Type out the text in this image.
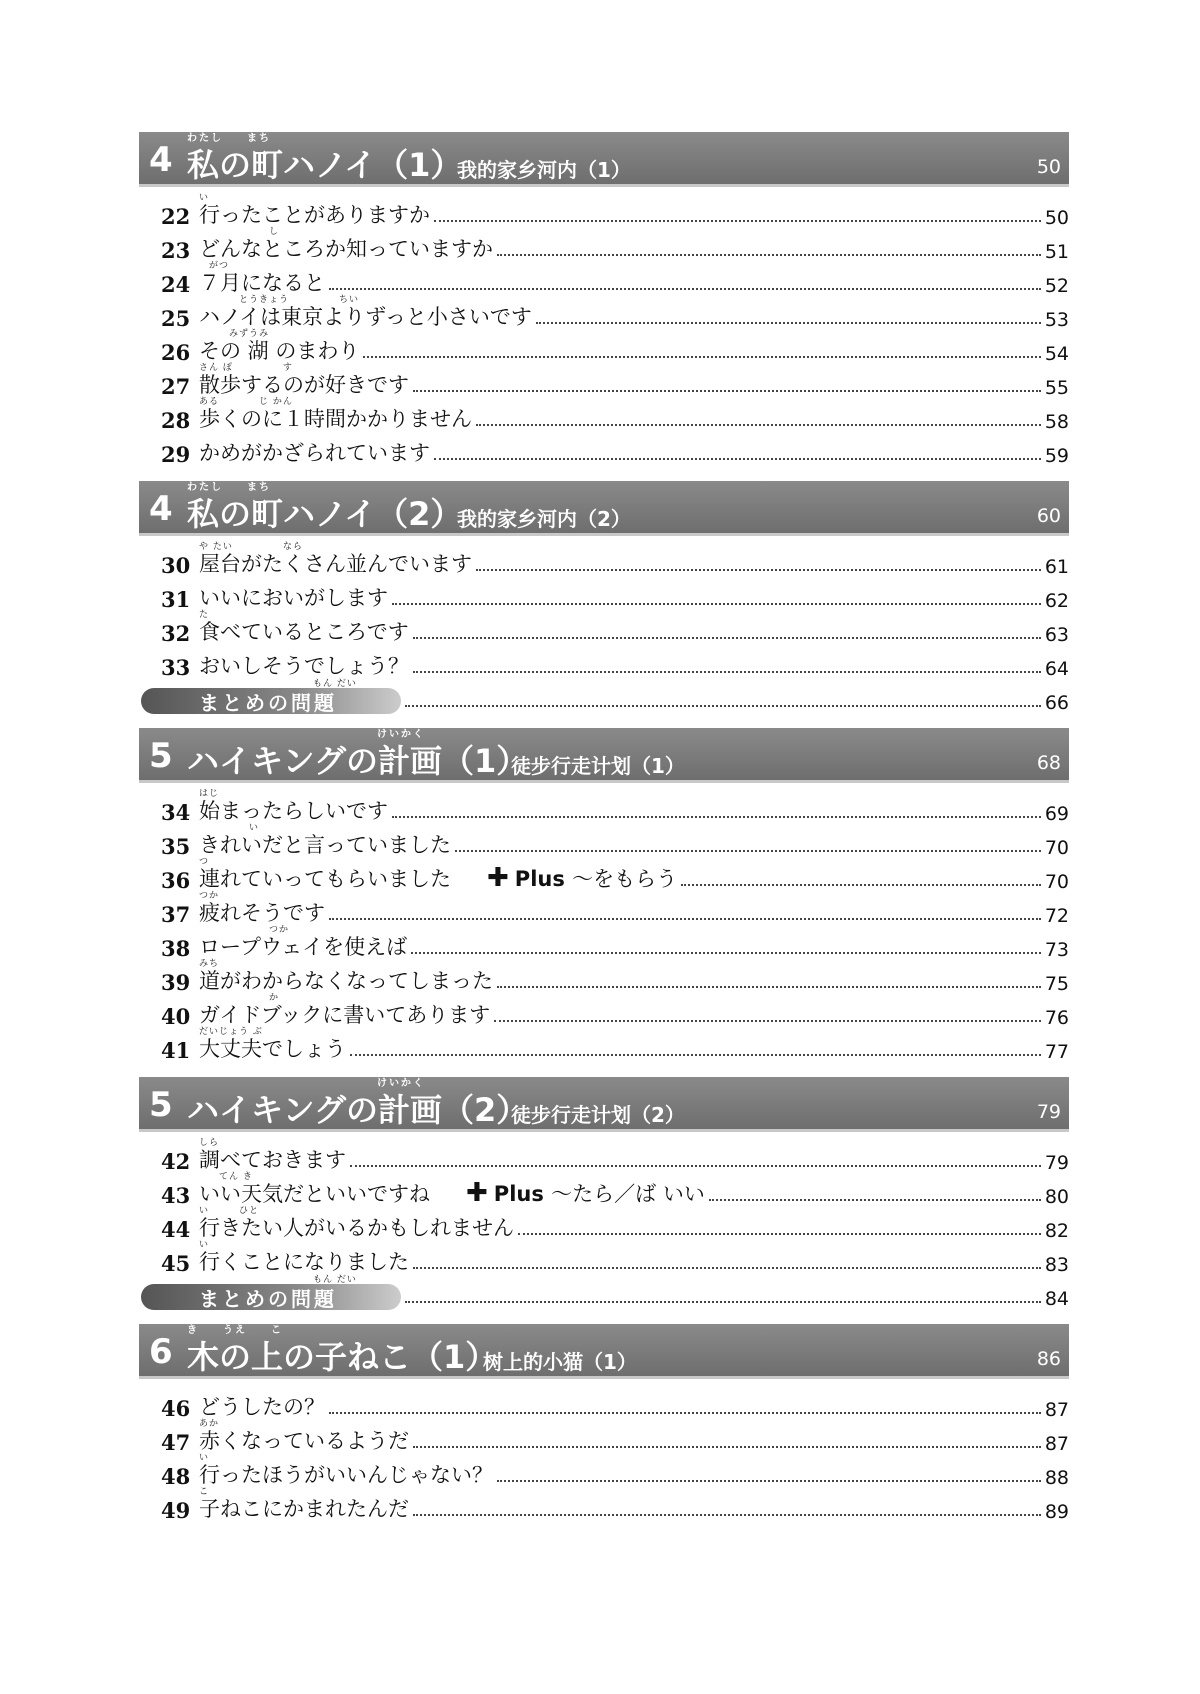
4
わたし　　まち
私の町ハノイ（1）
我的家乡河内（1）	50
22
い
行ったことがありますか	50
23
　　　　　　　し
どんなところか知っていますか	51
24
　がつ
７月になると	52
25
　　　　とうきょう　　　　　ちい
ハノイは東京よりずっと小さいです	53
26
　　　みずうみ
その 湖 のまわり	54
27
さん ぽ　　　　　す
散歩するのが好きです	55
28
ある　　　　じ かん
歩くのに１時間かかりません	58
29 かめがかざられています	59
4
わたし　　まち
私の町ハノイ（2）
我的家乡河内（2）	60
30
や たい　　　　　なら
屋台がたくさん並んでいます	61
31 いいにおいがします	62
32
た
食べているところです	63
33 おいしそうでしょう？	64
もん だい
まとめの問題	66
5
けいかく
ハイキングの計画（1）
徒步行走计划（1）	68
34
はじ
始まったらしいです	69
35
　　　　　い
きれいだと言っていました	70
36
つ
連れていってもらいました ✚ Plus ～をもらう	70
37
つか
疲れそうです	72
38
　　　　　　　つか
ロープウェイを使えば	73
39
みち
道がわからなくなってしまった	75
40
　　　　　　　か
ガイドブックに書いてあります	76
41
だいじょう ぶ
大丈夫でしょう	77
5
けいかく
ハイキングの計画（2）
徒步行走计划（2）	79
42
しら
調べておきます	79
43
　　てん き
いい天気だといいですね ✚ Plus ～たら／ば いい	80
44
い　　　ひと
行きたい人がいるかもしれません	82
45
い
行くことになりました	83
もん だい
まとめの問題	84
6
き　　うえ　　こ
木の上の子ねこ（1）
树上的小猫（1）	86
46 どうしたの？	87
47
あか
赤くなっているようだ	87
48
い
行ったほうがいいんじゃない？	88
49
こ
子ねこにかまれたんだ	89
